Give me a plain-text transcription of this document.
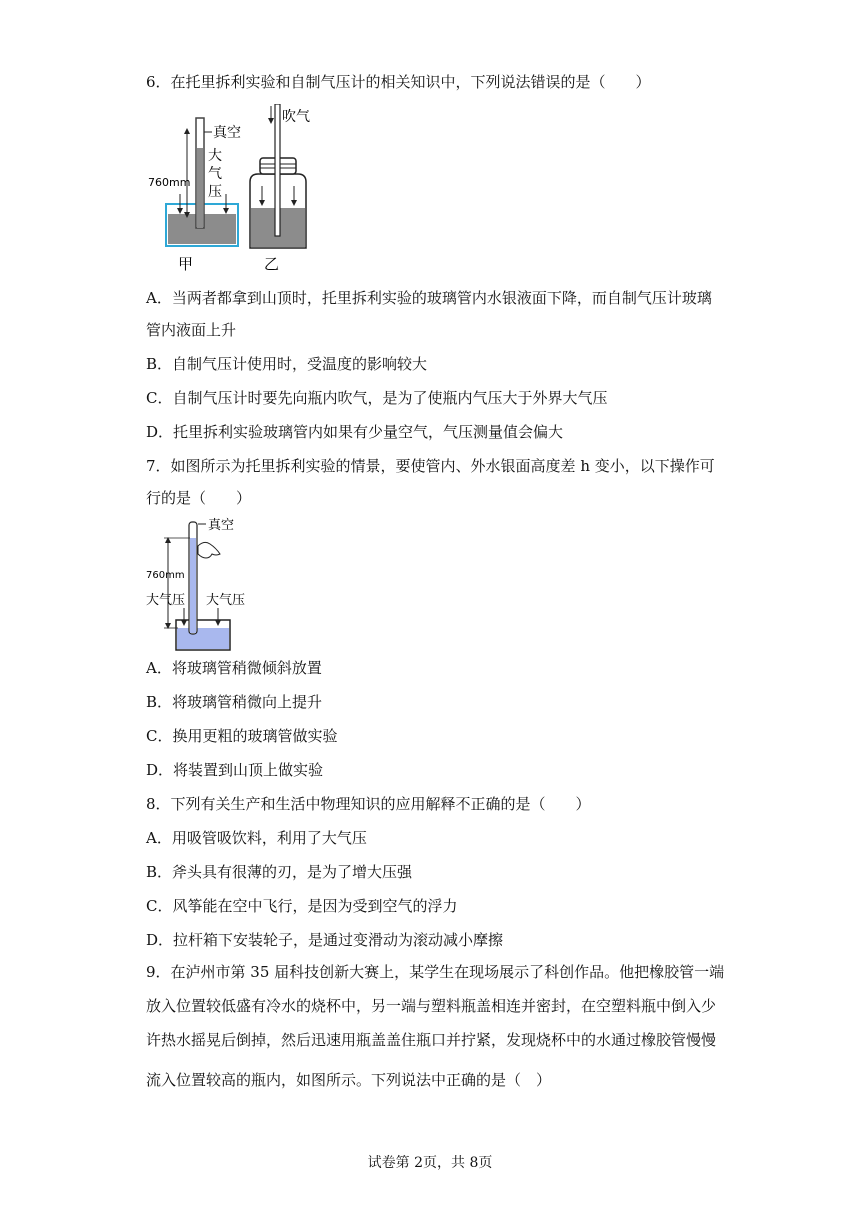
6．在托里拆利实验和自制气压计的相关知识中，下列说法错误的是（　　）
真空
760mm
大
气
压
甲
吹气
乙
A．当两者都拿到山顶时，托里拆利实验的玻璃管内水银液面下降，而自制气压计玻璃
管内液面上升
B．自制气压计使用时，受温度的影响较大
C．自制气压计时要先向瓶内吹气，是为了使瓶内气压大于外界大气压
D．托里拆利实验玻璃管内如果有少量空气，气压测量值会偏大
7．如图所示为托里拆利实验的情景，要使管内、外水银面高度差 h 变小，以下操作可
行的是（　　）
真空
760mm
大气压 大气压
A．将玻璃管稍微倾斜放置
B．将玻璃管稍微向上提升
C．换用更粗的玻璃管做实验
D．将装置到山顶上做实验
8．下列有关生产和生活中物理知识的应用解释不正确的是（　　）
A．用吸管吸饮料，利用了大气压
B．斧头具有很薄的刃，是为了增大压强
C．风筝能在空中飞行，是因为受到空气的浮力
D．拉杆箱下安装轮子，是通过变滑动为滚动减小摩擦
9．在泸州市第 35 届科技创新大赛上，某学生在现场展示了科创作品。他把橡胶管一端
放入位置较低盛有冷水的烧杯中，另一端与塑料瓶盖相连并密封，在空塑料瓶中倒入少
许热水摇晃后倒掉，然后迅速用瓶盖盖住瓶口并拧紧，发现烧杯中的水通过橡胶管慢慢
流入位置较高的瓶内，如图所示。下列说法中正确的是（　）
试卷第 2页，共 8页
